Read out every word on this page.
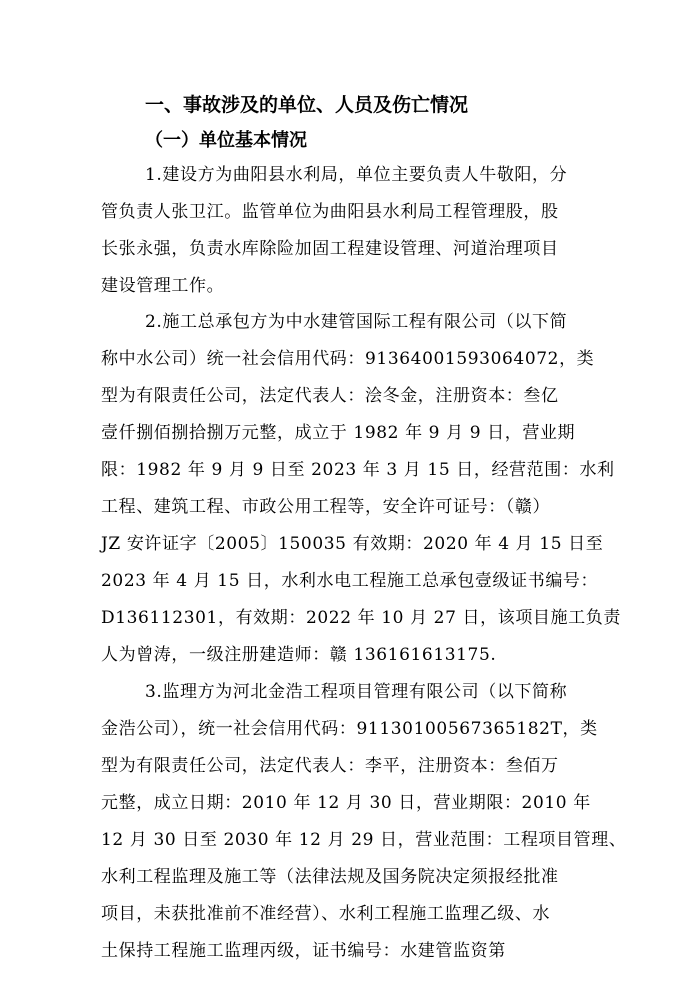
一、事故涉及的单位、人员及伤亡情况
（一）单位基本情况
1.建设方为曲阳县水利局，单位主要负责人牛敬阳，分
管负责人张卫江。监管单位为曲阳县水利局工程管理股，股
长张永强，负责水库除险加固工程建设管理、河道治理项目
建设管理工作。
2.施工总承包方为中水建管国际工程有限公司（以下简
称中水公司）统一社会信用代码：91364001593064072，类
型为有限责任公司，法定代表人：浍冬金，注册资本：叁亿
壹仟捌佰捌拾捌万元整，成立于 1982 年 9 月 9 日，营业期
限：1982 年 9 月 9 日至 2023 年 3 月 15 日，经营范围：水利
工程、建筑工程、市政公用工程等，安全许可证号：（赣）
JZ 安许证字〔2005〕150035 有效期：2020 年 4 月 15 日至
2023 年 4 月 15 日，水利水电工程施工总承包壹级证书编号：
D136112301，有效期：2022 年 10 月 27 日，该项目施工负责
人为曾涛，一级注册建造师：赣 136161613175.
3.监理方为河北金浩工程项目管理有限公司（以下简称
金浩公司），统一社会信用代码：91130100567365182T，类
型为有限责任公司，法定代表人：李平，注册资本：叁佰万
元整，成立日期：2010 年 12 月 30 日，营业期限：2010 年
12 月 30 日至 2030 年 12 月 29 日，营业范围：工程项目管理、
水利工程监理及施工等（法律法规及国务院决定须报经批准
项目，未获批准前不准经营）、水利工程施工监理乙级、水
土保持工程施工监理丙级，证书编号：水建管监资第
